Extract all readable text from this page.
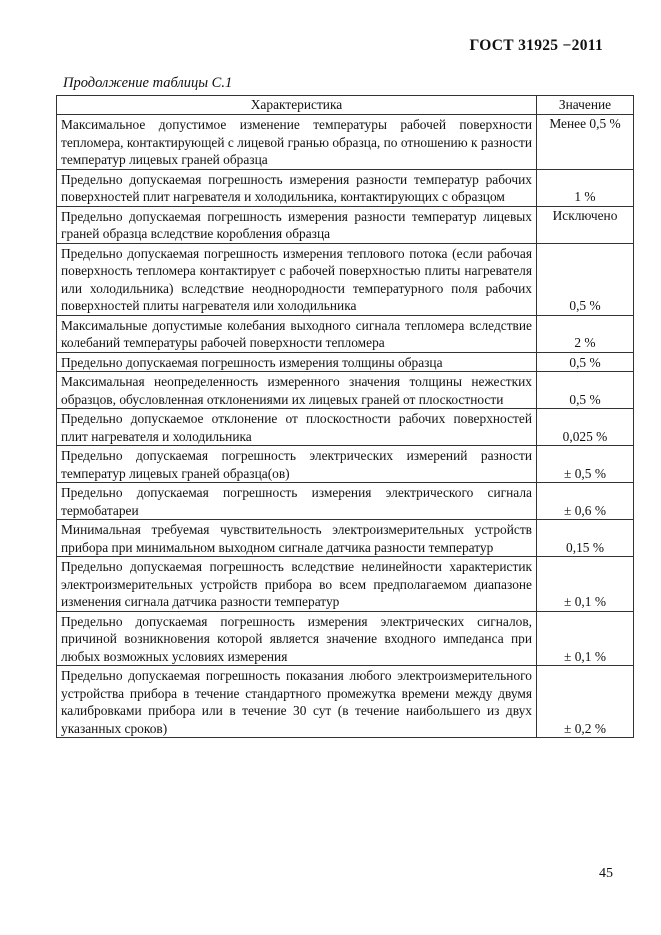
ГОСТ 31925 −2011
Продолжение таблицы С.1
Характеристика	Значение
Максимальное допустимое изменение температуры рабочей поверхности тепломера, контактирующей с лицевой гранью образца, по отношению к разности температур лицевых граней образца	Менее 0,5 %
Предельно допускаемая погрешность измерения разности температур рабочих поверхностей плит нагревателя и холодильника, контактирующих с образцом	1 %
Предельно допускаемая погрешность измерения разности температур лицевых граней образца вследствие коробления образца	Исключено
Предельно допускаемая погрешность измерения теплового потока (если рабочая поверхность тепломера контактирует с рабочей поверхностью плиты нагревателя или холодильника) вследствие неоднородности температурного поля рабочих поверхностей плиты нагревателя или холодильника	0,5 %
Максимальные допустимые колебания выходного сигнала тепломера вследствие колебаний температуры рабочей поверхности тепломера	2 %
Предельно допускаемая погрешность измерения толщины образца	0,5 %
Максимальная неопределенность измеренного значения толщины нежестких образцов, обусловленная отклонениями их лицевых граней от плоскостности	0,5 %
Предельно допускаемое отклонение от плоскостности рабочих поверхностей плит нагревателя и холодильника	0,025 %
Предельно допускаемая погрешность электрических измерений разности температур лицевых граней образца(ов)	± 0,5 %
Предельно допускаемая погрешность измерения электрического сигнала термобатареи	± 0,6 %
Минимальная требуемая чувствительность электроизмерительных устройств прибора при минимальном выходном сигнале датчика разности температур	0,15 %
Предельно допускаемая погрешность вследствие нелинейности характеристик электроизмерительных устройств прибора во всем предполагаемом диапазоне изменения сигнала датчика разности температур	± 0,1 %
Предельно допускаемая погрешность измерения электрических сигналов, причиной возникновения которой является значение входного импеданса при любых возможных условиях измерения	± 0,1 %
Предельно допускаемая погрешность показания любого электроизмерительного устройства прибора в течение стандартного промежутка времени между двумя калибровками прибора или в течение 30 сут (в течение наибольшего из двух указанных сроков)	± 0,2 %
45
